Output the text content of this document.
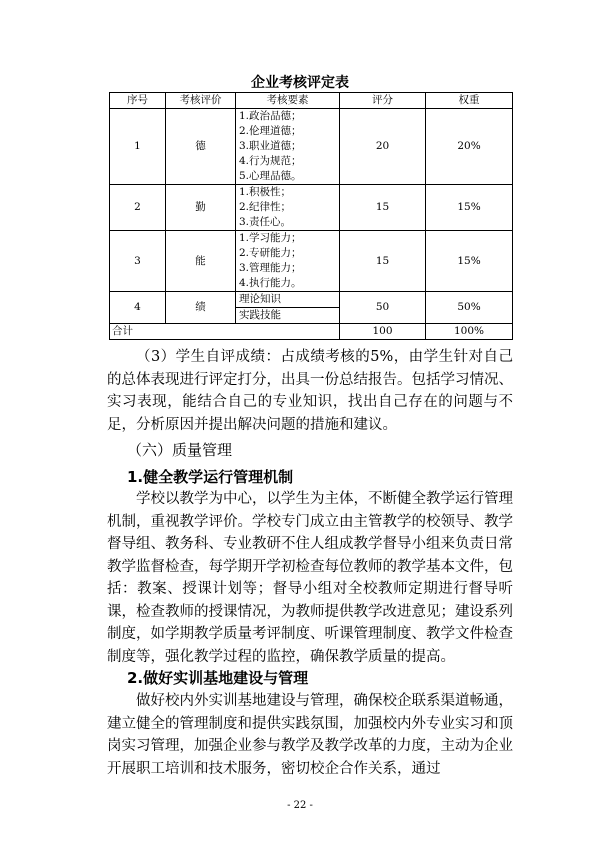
企业考核评定表
序号	考核评价	考核要素	评分	权重
1	德	1.政治品德；
2.伦理道德；
3.职业道德；
4.行为规范；
5.心理品德。	20	20%
2	勤	1.积极性；
2.纪律性；
3.责任心。	15	15%
3	能	1.学习能力；
2.专研能力；
3.管理能力；
4.执行能力。	15	15%
4	绩	理论知识	50	50%
		实践技能		
合计			100	100%

（3）学生自评成绩：占成绩考核的5%，由学生针对自己的总体表现进行评定打分，出具一份总结报告。包括学习情况、实习表现，能结合自己的专业知识，找出自己存在的问题与不足，分析原因并提出解决问题的措施和建议。

（六）质量管理
1.健全教学运行管理机制

学校以教学为中心，以学生为主体，不断健全教学运行管理机制，重视教学评价。学校专门成立由主管教学的校领导、教学督导组、教务科、专业教研不住人组成教学督导小组来负责日常教学监督检查，每学期开学初检查每位教师的教学基本文件，包括：教案、授课计划等；督导小组对全校教师定期进行督导听课，检查教师的授课情况，为教师提供教学改进意见；建设系列制度，如学期教学质量考评制度、听课管理制度、教学文件检查制度等，强化教学过程的监控，确保教学质量的提高。

2.做好实训基地建设与管理

做好校内外实训基地建设与管理，确保校企联系渠道畅通，建立健全的管理制度和提供实践氛围，加强校内外专业实习和顶岗实习管理，加强企业参与教学及教学改革的力度，主动为企业开展职工培训和技术服务，密切校企合作关系，通过

- 22 -
